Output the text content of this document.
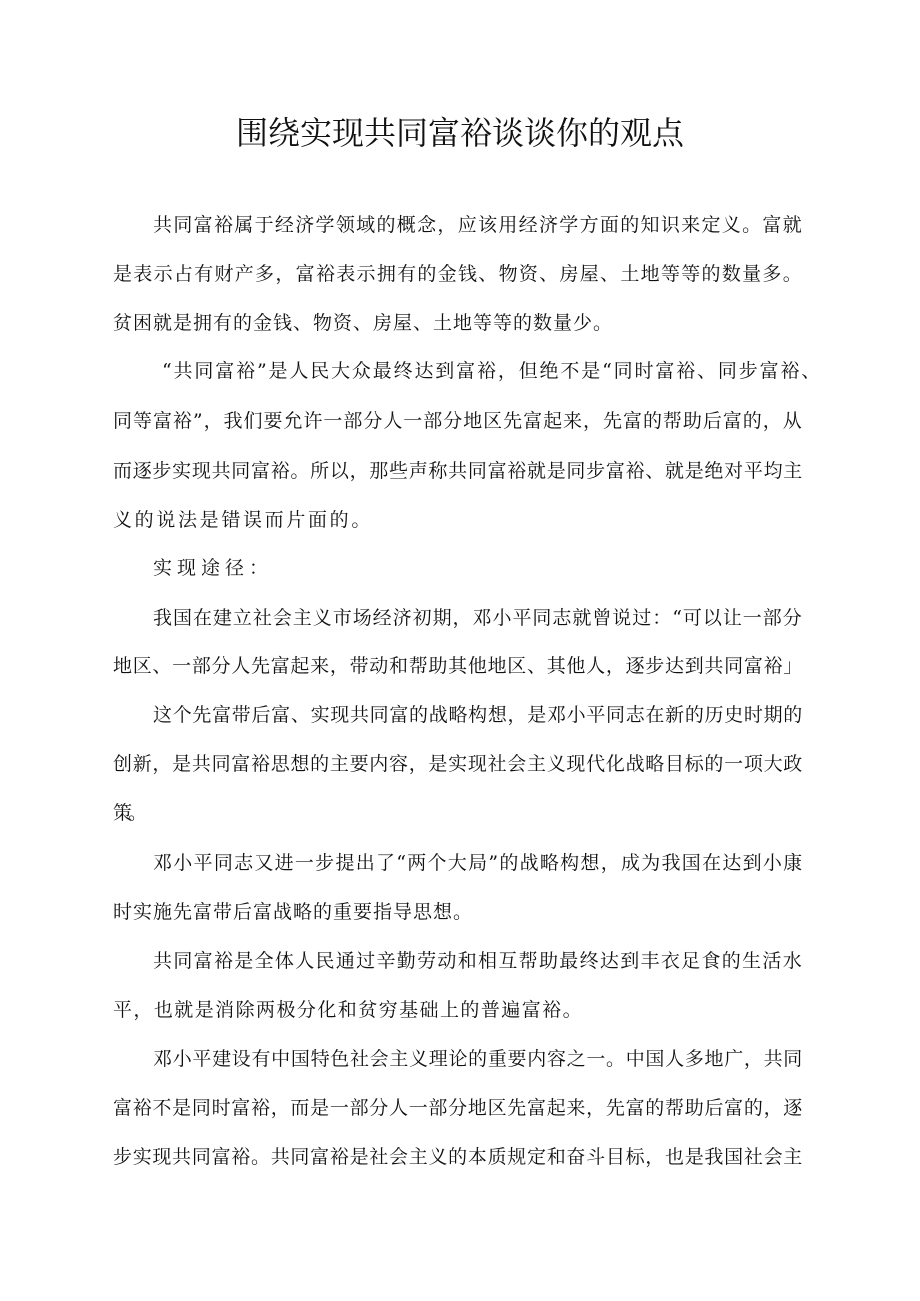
围绕实现共同富裕谈谈你的观点
共同富裕属于经济学领域的概念，应该用经济学方面的知识来定义。富就
是表示占有财产多，富裕表示拥有的金钱、物资、房屋、土地等等的数量多。
贫困就是拥有的金钱、物资、房屋、土地等等的数量少。
“共同富裕”是人民大众最终达到富裕，但绝不是“同时富裕、同步富裕、
同等富裕”，我们要允许一部分人一部分地区先富起来，先富的帮助后富的，从
而逐步实现共同富裕。所以，那些声称共同富裕就是同步富裕、就是绝对平均主
义的说法是错误而片面的。
实现途径：
我国在建立社会主义市场经济初期，邓小平同志就曾说过：“可以让一部分
地区、一部分人先富起来，带动和帮助其他地区、其他人，逐步达到共同富裕」
这个先富带后富、实现共同富的战略构想，是邓小平同志在新的历史时期的
创新，是共同富裕思想的主要内容，是实现社会主义现代化战略目标的一项大政
策。
邓小平同志又进一步提出了“两个大局”的战略构想，成为我国在达到小康
时实施先富带后富战略的重要指导思想。
共同富裕是全体人民通过辛勤劳动和相互帮助最终达到丰衣足食的生活水
平，也就是消除两极分化和贫穷基础上的普遍富裕。
邓小平建设有中国特色社会主义理论的重要内容之一。中国人多地广，共同
富裕不是同时富裕，而是一部分人一部分地区先富起来，先富的帮助后富的，逐
步实现共同富裕。共同富裕是社会主义的本质规定和奋斗目标，也是我国社会主
